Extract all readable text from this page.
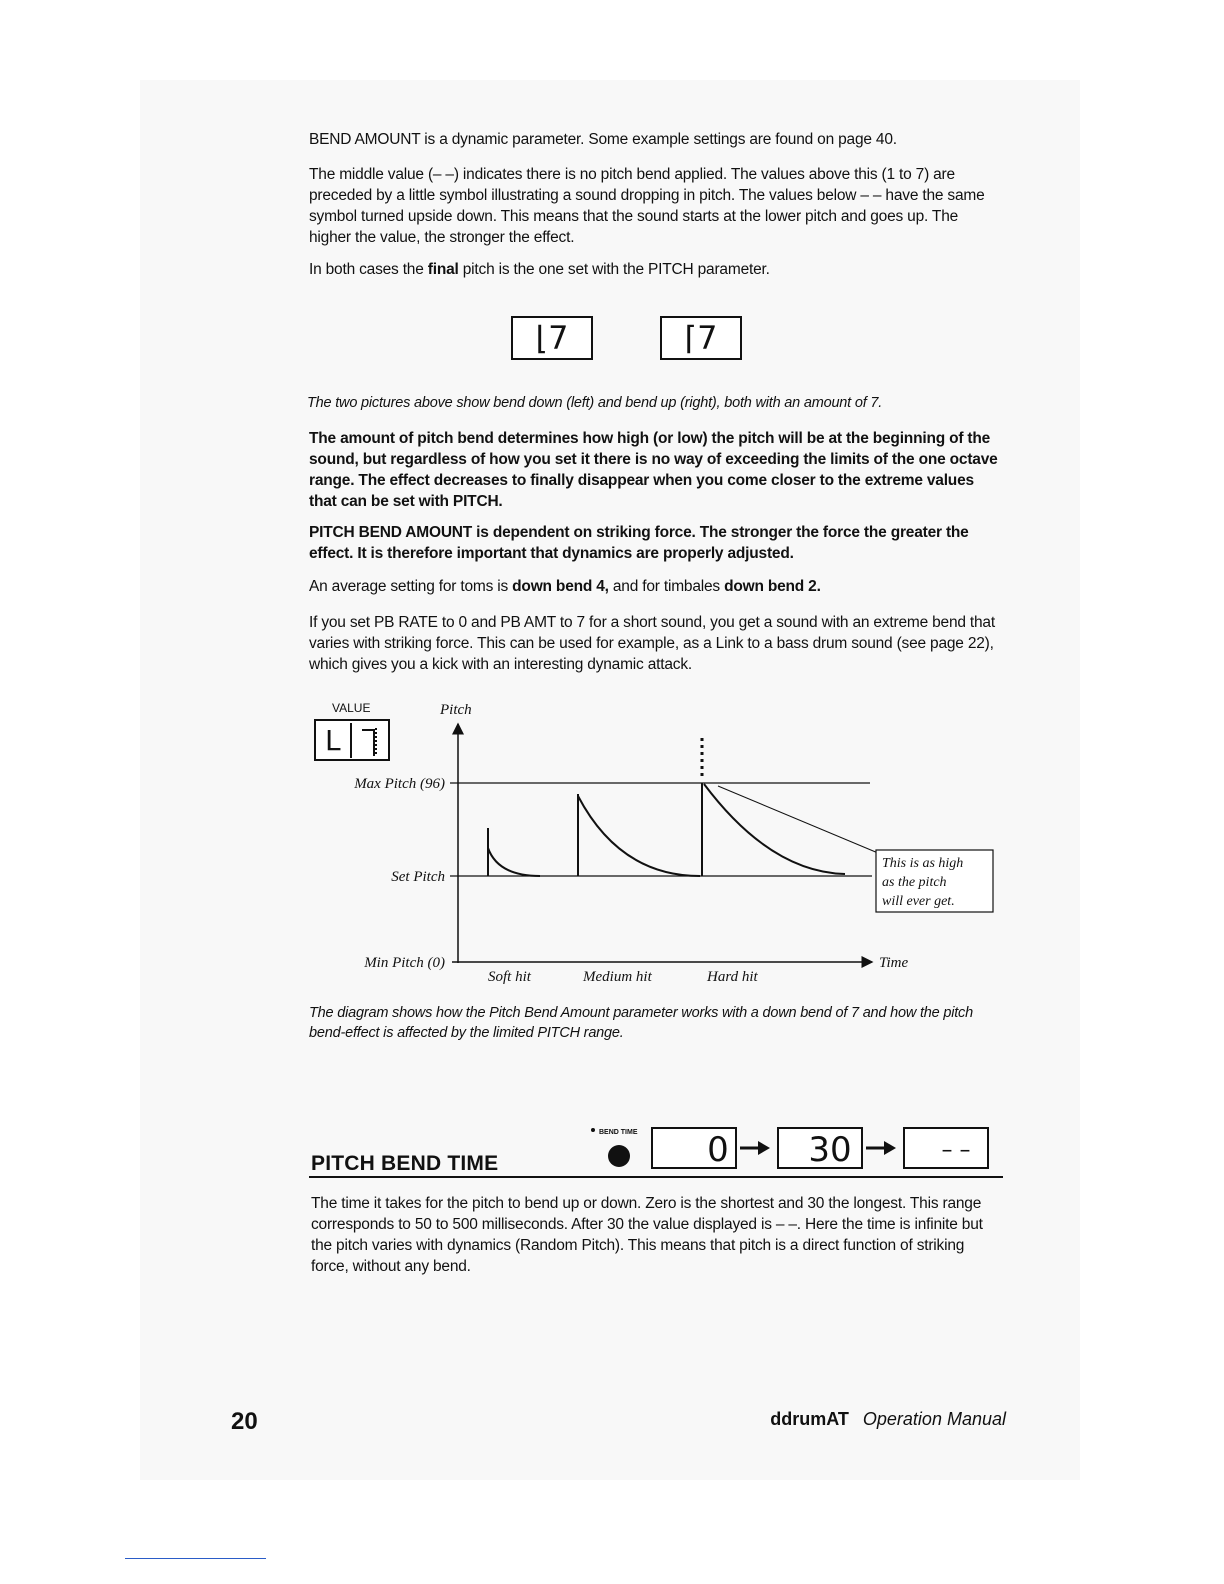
BEND AMOUNT is a dynamic parameter. Some example settings are found on page 40.
The middle value (– –) indicates there is no pitch bend applied. The values above this (1 to 7) are preceded by a little symbol illustrating a sound dropping in pitch. The values below – – have the same symbol turned upside down. This means that the sound starts at the lower pitch and goes up. The higher the value, the stronger the effect.
In both cases the final pitch is the one set with the PITCH parameter.
⌊7	⌈7
The two pictures above show bend down (left) and bend up (right), both with an amount of 7.
The amount of pitch bend determines how high (or low) the pitch will be at the beginning of the sound, but regardless of how you set it there is no way of exceeding the limits of the one octave range. The effect decreases to finally disappear when you come closer to the extreme values that can be set with PITCH.
PITCH BEND AMOUNT is dependent on striking force. The stronger the force the greater the effect. It is therefore important that dynamics are properly adjusted.
An average setting for toms is down bend 4, and for timbales down bend 2.
If you set PB RATE to 0 and PB AMT to 7 for a short sound, you get a sound with an extreme bend that varies with striking force. This can be used for example, as a Link to a bass drum sound (see page 22), which gives you a kick with an interesting dynamic attack.
VALUE
L
Pitch
Max Pitch (96)
Set Pitch
Min Pitch (0)	Time
This is as high
as the pitch
will ever get.
Soft hit	Medium hit	Hard hit
The diagram shows how the Pitch Bend Amount parameter works with a down bend of 7 and how the pitch bend-effect is affected by the limited PITCH range.
PITCH BEND TIME
BEND TIME 0 30	– –
The time it takes for the pitch to bend up or down. Zero is the shortest and 30 the longest. This range corresponds to 50 to 500 milliseconds. After 30 the value displayed is – –. Here the time is infinite but the pitch varies with dynamics (Random Pitch). This means that pitch is a direct function of striking force, without any bend.
20	ddrumAT Operation Manual
